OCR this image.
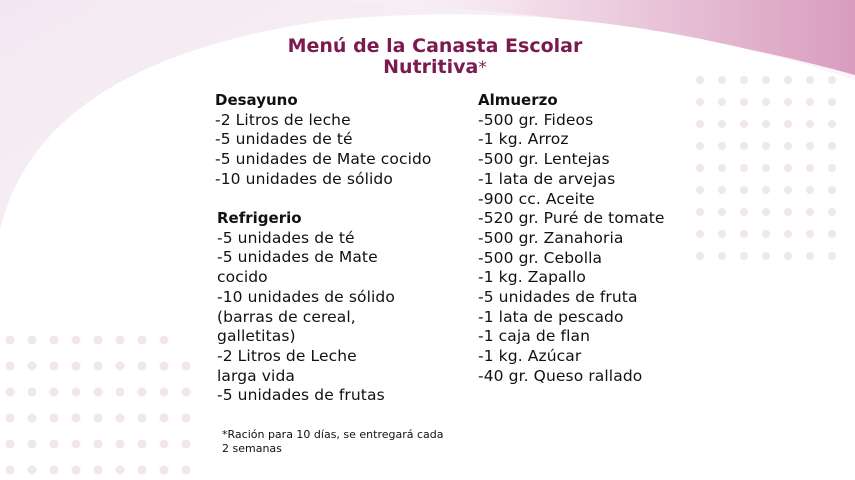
Menú de la Canasta Escolar
Nutritiva*
Desayuno
-2 Litros de leche
-5 unidades de té
-5 unidades de Mate cocido
-10 unidades de sólido
Refrigerio
-5 unidades de té
-5 unidades de Mate
cocido
-10 unidades de sólido
(barras de cereal,
galletitas)
-2 Litros de Leche
larga vida
-5 unidades de frutas
Almuerzo
-500 gr. Fideos
-1 kg. Arroz
-500 gr. Lentejas
-1 lata de arvejas
-900 cc. Aceite
-520 gr. Puré de tomate
-500 gr. Zanahoria
-500 gr. Cebolla
-1 kg. Zapallo
-5 unidades de fruta
-1 lata de pescado
-1 caja de flan
-1 kg. Azúcar
-40 gr. Queso rallado
*Ración para 10 días, se entregará cada
2 semanas
